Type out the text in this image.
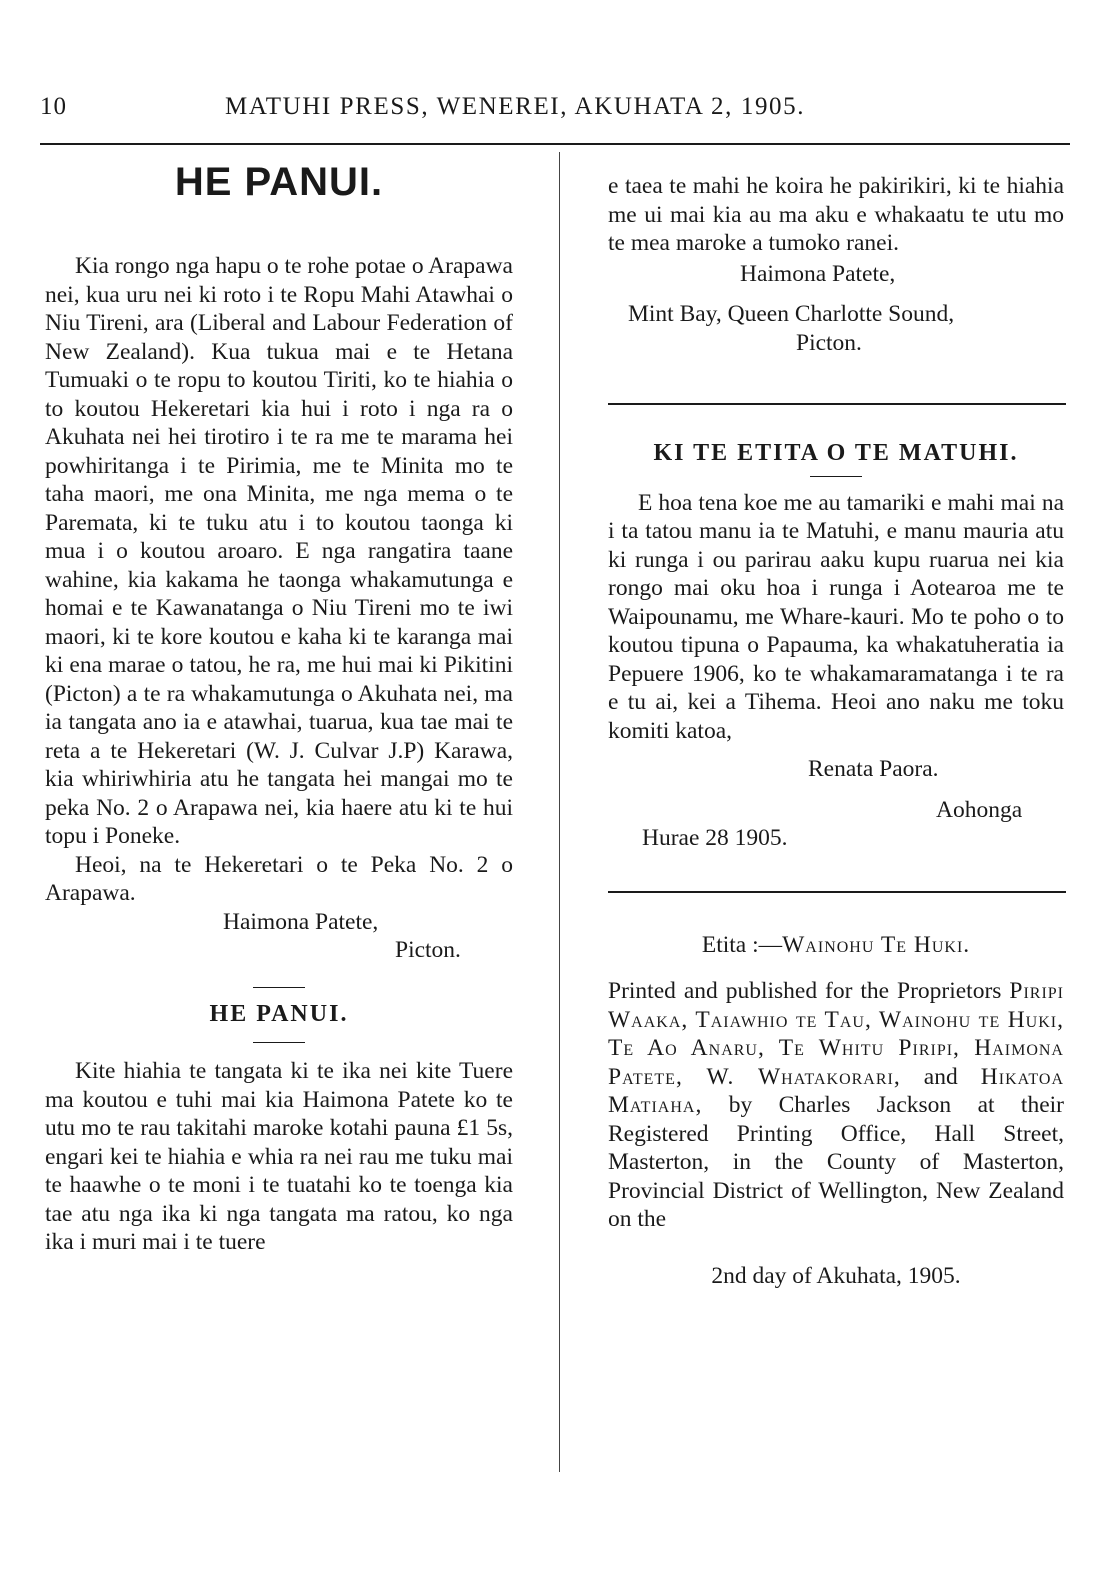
10	MATUHI PRESS, WENEREI, AKUHATA 2, 1905.
HE PANUI.

Kia rongo nga hapu o te rohe potae o Arapawa nei, kua uru nei ki roto i te Ropu Mahi Atawhai o Niu Tireni, ara (Liberal and Labour Federation of New Zealand). Kua tukua mai e te Hetana Tumuaki o te ropu to koutou Tiriti, ko te hiahia o to koutou Hekeretari kia hui i roto i nga ra o Akuhata nei hei tirotiro i te ra me te marama hei powhiritanga i te Pirimia, me te Minita mo te taha maori, me ona Minita, me nga mema o te Paremata, ki te tuku atu i to koutou taonga ki mua i o koutou aroaro. E nga rangatira taane wahine, kia kakama he taonga whakamutunga e homai e te Kawanatanga o Niu Tireni mo te iwi maori, ki te kore koutou e kaha ki te karanga mai ki ena marae o tatou, he ra, me hui mai ki Pikitini (Picton) a te ra whakamutunga o Akuhata nei, ma ia tangata ano ia e atawhai, tuarua, kua tae mai te reta a te Hekeretari (W. J. Culvar J.P) Karawa, kia whiriwhiria atu he tangata hei mangai mo te peka No. 2 o Arapawa nei, kia haere atu ki te hui topu i Poneke.

Heoi, na te Hekeretari o te Peka No. 2 o Arapawa.

Haimona Patete,

Picton.

HE PANUI.

Kite hiahia te tangata ki te ika nei kite Tuere ma koutou e tuhi mai kia Haimona Patete ko te utu mo te rau takitahi maroke kotahi pauna £1 5s, engari kei te hiahia e whia ra nei rau me tuku mai te haawhe o te moni i te tuatahi ko te toenga kia tae atu nga ika ki nga tangata ma ratou, ko nga ika i muri mai i te tuere

e taea te mahi he koira he pakirikiri, ki te hiahia me ui mai kia au ma aku e whakaatu te utu mo te mea maroke a tumoko ranei.

Haimona Patete,

Mint Bay, Queen Charlotte Sound,

Picton.

KI TE ETITA O TE MATUHI.

E hoa tena koe me au tamariki e mahi mai na i ta tatou manu ia te Matuhi, e manu mauria atu ki runga i ou parirau aaku kupu ruarua nei kia rongo mai oku hoa i runga i Aotearoa me te Waipounamu, me Whare-kauri. Mo te poho o to koutou tipuna o Papauma, ka whakatuheratia ia Pepuere 1906, ko te whakamaramatanga i te ra e tu ai, kei a Tihema. Heoi ano naku me toku komiti katoa,

Renata Paora.

Aohonga

Hurae 28 1905.

Etita :—Wainohu Te Huki.

Printed and published for the Proprietors Piripi Waaka, Taiawhio te Tau, Wainohu te Huki, Te Ao Anaru, Te Whitu Piripi, Haimona Patete, W. Whatakorari, and Hikatoa Matiaha, by Charles Jackson at their Registered Printing Office, Hall Street, Masterton, in the County of Masterton, Provincial District of Wellington, New Zealand on the

2nd day of Akuhata, 1905.
